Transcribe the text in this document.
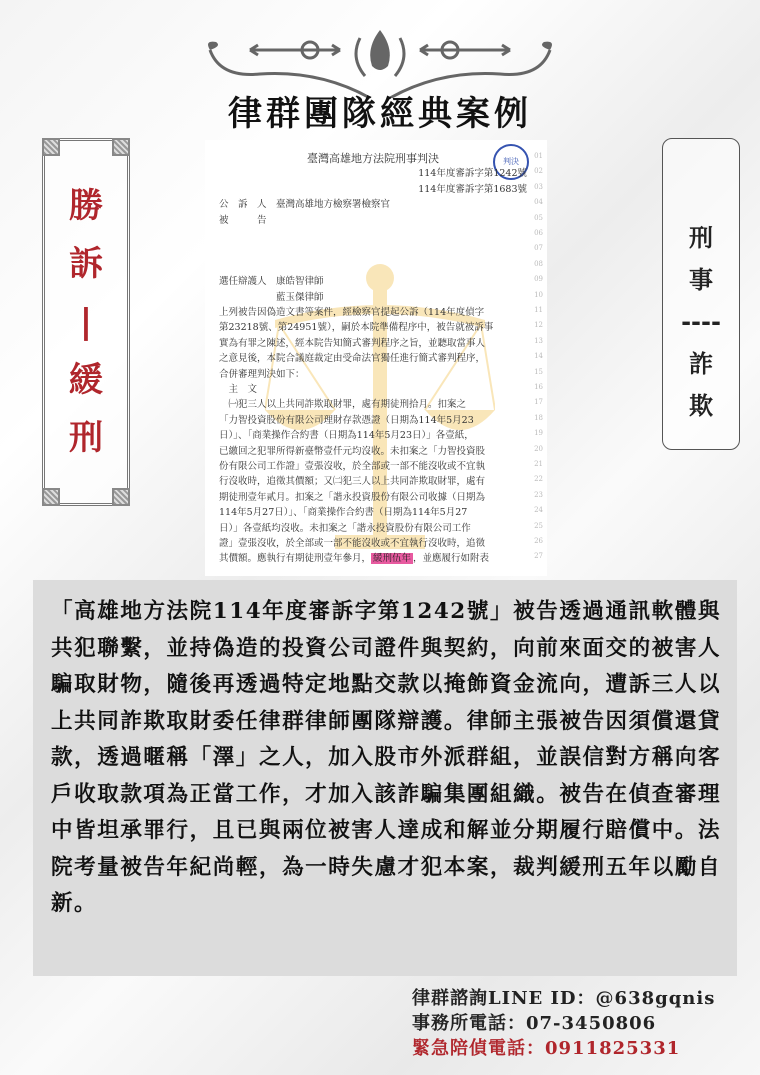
律群團隊經典案例
勝
訴
|
緩
刑
刑
事
----
詐
欺
判決
臺灣高雄地方法院刑事判決	01
114年度審訴字第1242號 02
114年度審訴字第1683號 03
公　訴　人　臺灣高雄地方檢察署檢察官	04
被　　　告	05
06
07
08
選任辯護人　康皓智律師	09
　　　　　　藍玉傑律師	10
上列被告因偽造文書等案件，經檢察官提起公訴（114年度偵字	11
第23218號、第24951號），嗣於本院準備程序中，被告就被訴事	12
實為有罪之陳述，經本院告知簡式審判程序之旨，並聽取當事人	13
之意見後，本院合議庭裁定由受命法官獨任進行簡式審判程序，	14
合併審理判決如下：	15
　主　文	16
　㈠犯三人以上共同詐欺取財罪，處有期徒刑拾月。扣案之	17
「力智投資股份有限公司理財存款憑證（日期為114年5月23	18
日）」、「商業操作合約書（日期為114年5月23日）」各壹紙，	19
已繳回之犯罪所得新臺幣壹仟元均沒收。未扣案之「力智投資股	20
份有限公司工作證」壹張沒收，於全部或一部不能沒收或不宜執	21
行沒收時，追徵其價額；又㈡犯三人以上共同詐欺取財罪，處有	22
期徒刑壹年貳月。扣案之「諧永投資股份有限公司收據（日期為	23
114年5月27日）」、「商業操作合約書（日期為114年5月27	24
日）」各壹紙均沒收。未扣案之「諧永投資股份有限公司工作	25
證」壹張沒收，於全部或一部不能沒收或不宜執行沒收時，追徵	26
其價額。應執行有期徒刑壹年參月， 緩刑伍年 ，並應履行如附表	27

「高雄地方法院114年度審訴字第1242號」被告透過通訊軟體與共犯聯繫，並持偽造的投資公司證件與契約，向前來面交的被害人騙取財物，隨後再透過特定地點交款以掩飾資金流向，遭訴三人以上共同詐欺取財委任律群律師團隊辯護。律師主張被告因須償還貸款，透過暱稱「澤」之人，加入股市外派群組，並誤信對方稱向客戶收取款項為正當工作，才加入該詐騙集團組織。被告在偵查審理中皆坦承罪行，且已與兩位被害人達成和解並分期履行賠償中。法院考量被告年紀尚輕，為一時失慮才犯本案，裁判緩刑五年以勵自新。

律群諮詢LINE ID：@638gqnis
事務所電話：07-3450806
緊急陪偵電話：0911825331
